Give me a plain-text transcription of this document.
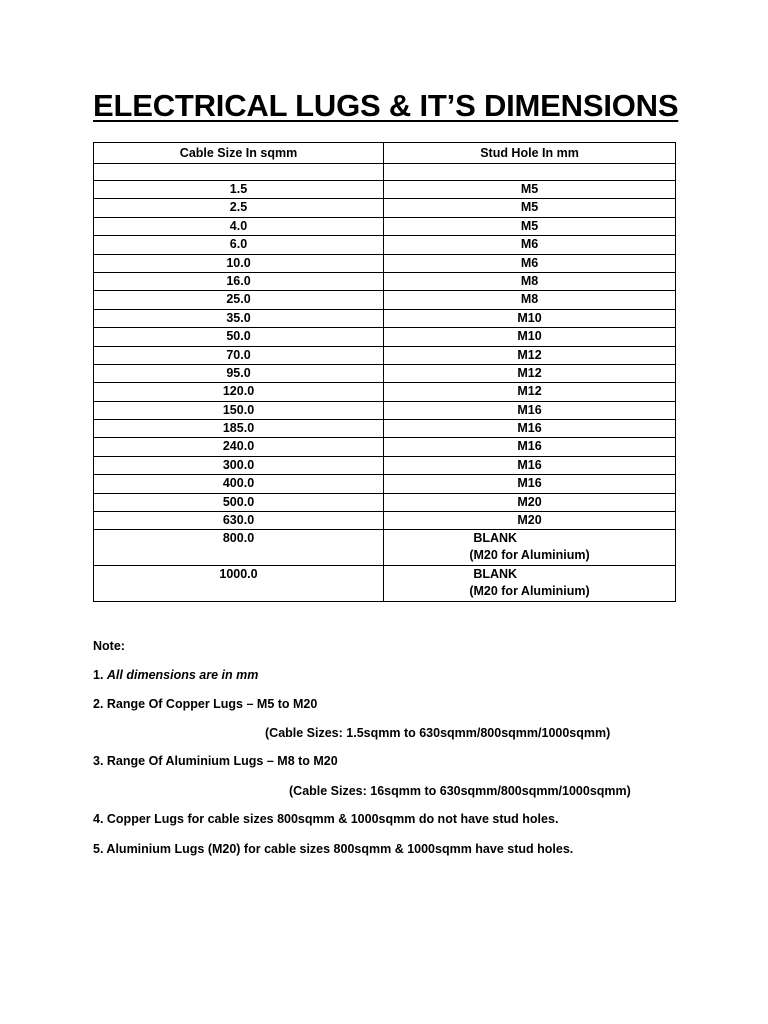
ELECTRICAL LUGS & IT’S DIMENSIONS
Cable Size In sqmm	Stud Hole In mm

1.5	M5
2.5	M5
4.0	M5
6.0	M6
10.0	M6
16.0	M8
25.0	M8
35.0	M10
50.0	M10
70.0	M12
95.0	M12
120.0	M12
150.0	M16
185.0	M16
240.0	M16
300.0	M16
400.0	M16
500.0	M20
630.0	M20
800.0	BLANK
(M20 for Aluminium)

1000.0	BLANK
(M20 for Aluminium)
Note:
1. All dimensions are in mm
2. Range Of Copper Lugs – M5 to M20
(Cable Sizes: 1.5sqmm to 630sqmm/800sqmm/1000sqmm)
3. Range Of Aluminium Lugs – M8 to M20
(Cable Sizes: 16sqmm to 630sqmm/800sqmm/1000sqmm)
4. Copper Lugs for cable sizes 800sqmm & 1000sqmm do not have stud holes.
5. Aluminium Lugs (M20) for cable sizes 800sqmm & 1000sqmm have stud holes.
